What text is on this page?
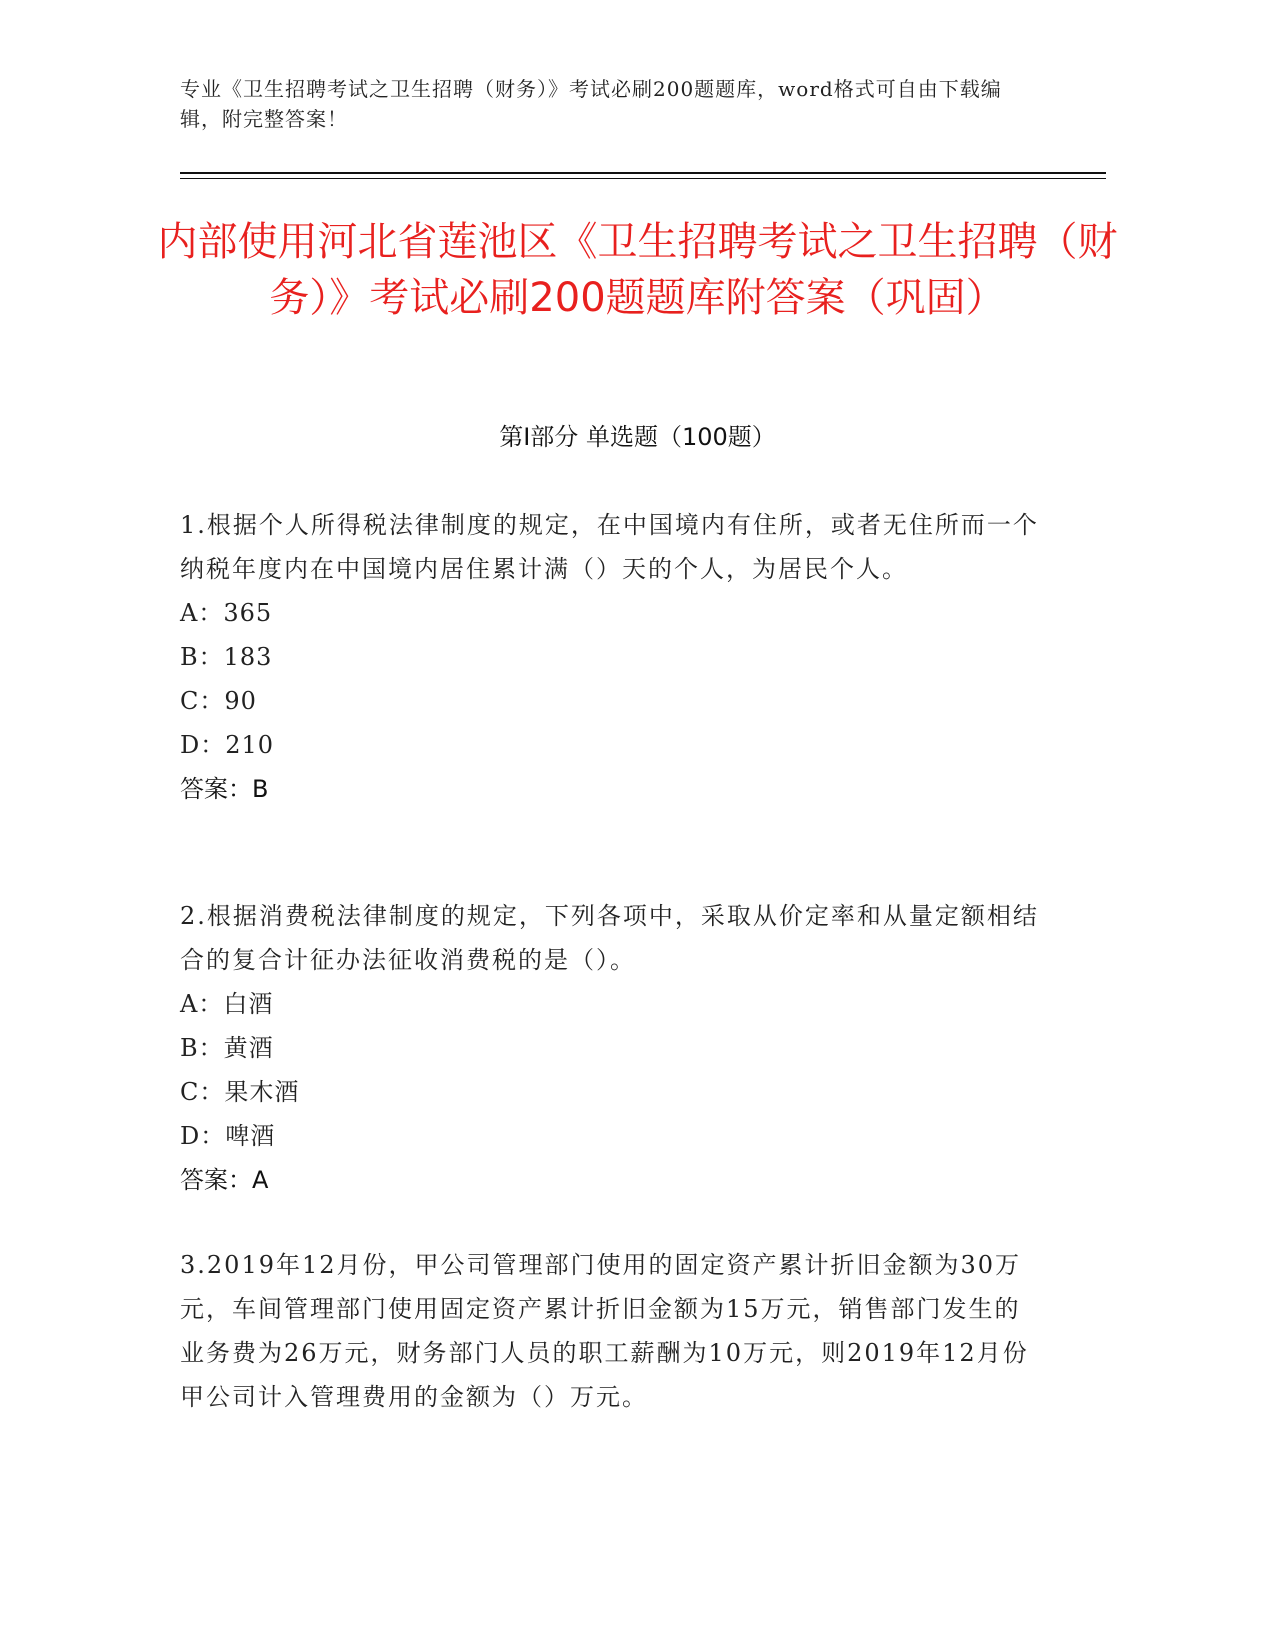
专业《卫生招聘考试之卫生招聘（财务）》考试必刷200题题库，word格式可自由下载编辑，附完整答案！
内部使用河北省莲池区《卫生招聘考试之卫生招聘（财务）》考试必刷200题题库附答案（巩固）
第I部分 单选题（100题）

1.根据个人所得税法律制度的规定，在中国境内有住所，或者无住所而一个纳税年度内在中国境内居住累计满（）天的个人，为居民个人。

A：365

B：183

C：90

D：210

答案：B

2.根据消费税法律制度的规定，下列各项中，采取从价定率和从量定额相结合的复合计征办法征收消费税的是（）。

A：白酒

B：黄酒

C：果木酒

D：啤酒

答案：A

3.2019年12月份，甲公司管理部门使用的固定资产累计折旧金额为30万元，车间管理部门使用固定资产累计折旧金额为15万元，销售部门发生的业务费为26万元，财务部门人员的职工薪酬为10万元，则2019年12月份甲公司计入管理费用的金额为（）万元。
